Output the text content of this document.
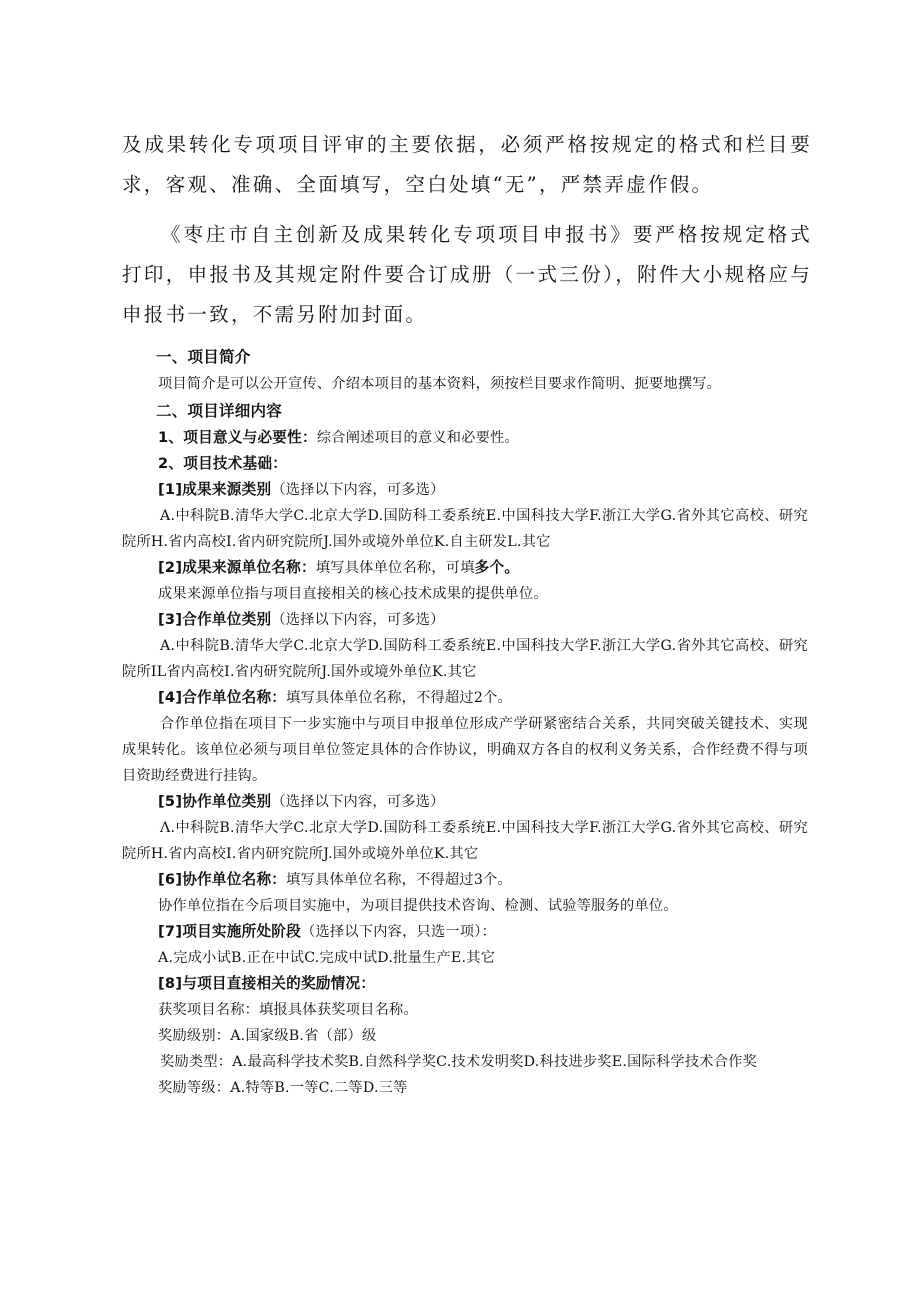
及成果转化专项项目评审的主要依据，必须严格按规定的格式和栏目要求，客观、准确、全面填写，空白处填“无”，严禁弄虚作假。

《枣庄市自主创新及成果转化专项项目申报书》要严格按规定格式打印，申报书及其规定附件要合订成册（一式三份），附件大小规格应与申报书一致，不需另附加封面。

一、项目简介
项目简介是可以公开宣传、介绍本项目的基本资料，须按栏目要求作简明、扼要地撰写。
二、项目详细内容
1、项目意义与必要性：综合阐述项目的意义和必要性。
2、项目技术基础：
[1]成果来源类别（选择以下内容，可多选）
A.中科院B.清华大学C.北京大学D.国防科工委系统E.中国科技大学F.浙江大学G.省外其它高校、研究院所H.省内高校I.省内研究院所J.国外或境外单位K.自主研发L.其它
[2]成果来源单位名称：填写具体单位名称，可填多个。
成果来源单位指与项目直接相关的核心技术成果的提供单位。
[3]合作单位类别（选择以下内容，可多选）
A.中科院B.清华大学C.北京大学D.国防科工委系统E.中国科技大学F.浙江大学G.省外其它高校、研究院所IL省内高校I.省内研究院所J.国外或境外单位K.其它
[4]合作单位名称：填写具体单位名称，不得超过2个。
合作单位指在项目下一步实施中与项目申报单位形成产学研紧密结合关系，共同突破关键技术、实现成果转化。该单位必须与项目单位签定具体的合作协议，明确双方各自的权利义务关系，合作经费不得与项目资助经费进行挂钩。
[5]协作单位类别（选择以下内容，可多选）
Λ.中科院B.清华大学C.北京大学D.国防科工委系统E.中国科技大学F.浙江大学G.省外其它高校、研究院所H.省内高校I.省内研究院所J.国外或境外单位K.其它
[6]协作单位名称：填写具体单位名称，不得超过3个。
协作单位指在今后项目实施中，为项目提供技术咨询、检测、试验等服务的单位。
[7]项目实施所处阶段（选择以下内容，只选一项）：
A.完成小试B.正在中试C.完成中试D.批量生产E.其它
[8]与项目直接相关的奖励情况：
获奖项目名称：填报具体获奖项目名称。
奖励级别：A.国家级B.省（部）级
奖励类型：A.最高科学技术奖B.自然科学奖C.技术发明奖D.科技进步奖E.国际科学技术合作奖
奖励等级：A.特等B.一等C.二等D.三等
